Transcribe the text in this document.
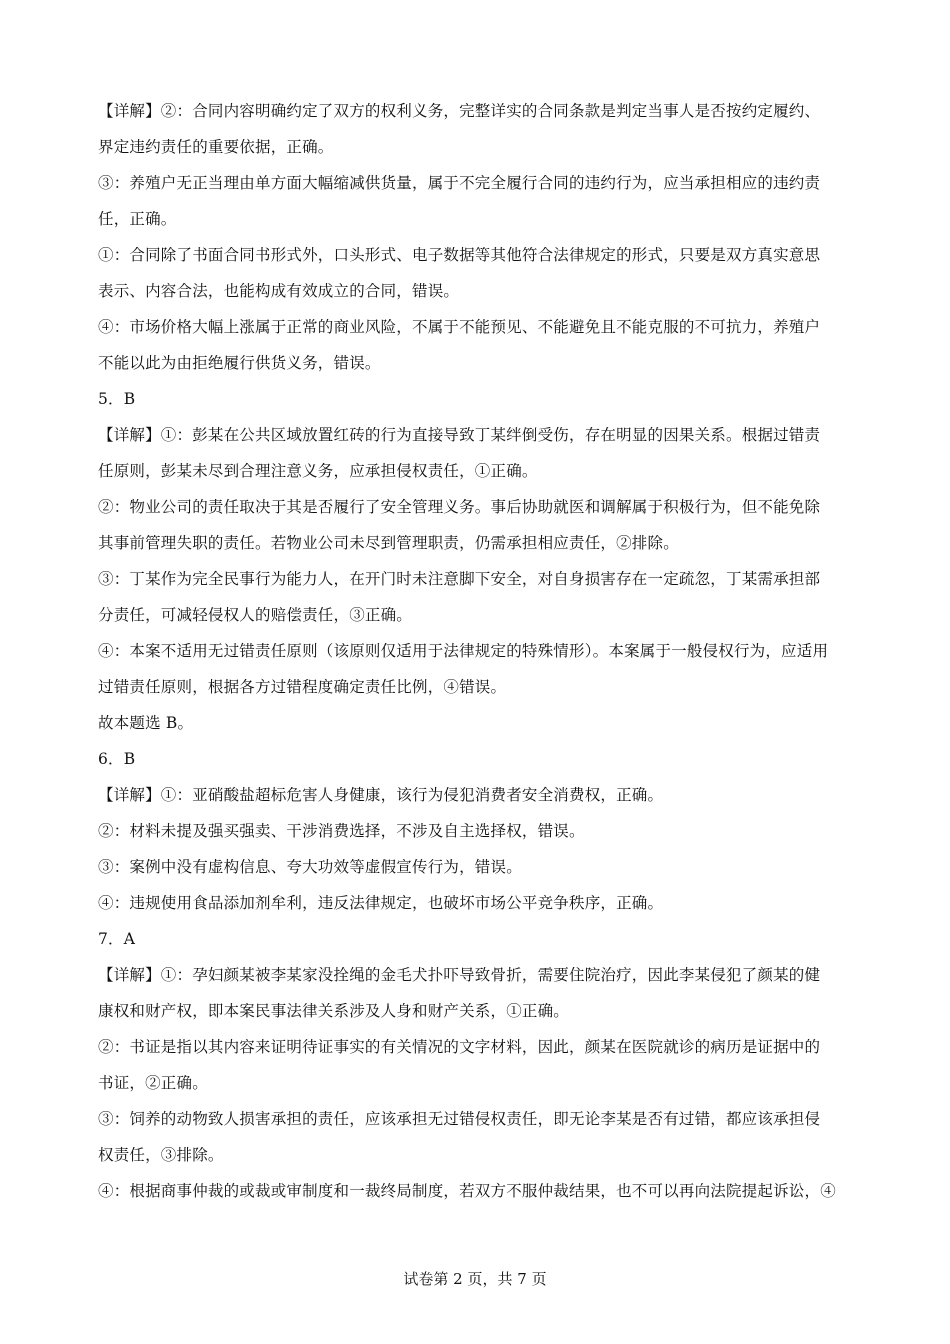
【详解】②：合同内容明确约定了双方的权利义务，完整详实的合同条款是判定当事人是否按约定履约、
界定违约责任的重要依据，正确。
③：养殖户无正当理由单方面大幅缩减供货量，属于不完全履行合同的违约行为，应当承担相应的违约责
任，正确。
①：合同除了书面合同书形式外，口头形式、电子数据等其他符合法律规定的形式，只要是双方真实意思
表示、内容合法，也能构成有效成立的合同，错误。
④：市场价格大幅上涨属于正常的商业风险，不属于不能预见、不能避免且不能克服的不可抗力，养殖户
不能以此为由拒绝履行供货义务，错误。
5．B
【详解】①：彭某在公共区域放置红砖的行为直接导致丁某绊倒受伤，存在明显的因果关系。根据过错责
任原则，彭某未尽到合理注意义务，应承担侵权责任，①正确。
②：物业公司的责任取决于其是否履行了安全管理义务。事后协助就医和调解属于积极行为，但不能免除
其事前管理失职的责任。若物业公司未尽到管理职责，仍需承担相应责任，②排除。
③：丁某作为完全民事行为能力人，在开门时未注意脚下安全，对自身损害存在一定疏忽，丁某需承担部
分责任，可减轻侵权人的赔偿责任，③正确。
④：本案不适用无过错责任原则（该原则仅适用于法律规定的特殊情形）。本案属于一般侵权行为，应适用
过错责任原则，根据各方过错程度确定责任比例，④错误。
故本题选 B。
6．B
【详解】①：亚硝酸盐超标危害人身健康，该行为侵犯消费者安全消费权，正确。
②：材料未提及强买强卖、干涉消费选择，不涉及自主选择权，错误。
③：案例中没有虚构信息、夸大功效等虚假宣传行为，错误。
④：违规使用食品添加剂牟利，违反法律规定，也破坏市场公平竞争秩序，正确。
7．A
【详解】①：孕妇颜某被李某家没拴绳的金毛犬扑吓导致骨折，需要住院治疗，因此李某侵犯了颜某的健
康权和财产权，即本案民事法律关系涉及人身和财产关系，①正确。
②：书证是指以其内容来证明待证事实的有关情况的文字材料，因此，颜某在医院就诊的病历是证据中的
书证，②正确。
③：饲养的动物致人损害承担的责任，应该承担无过错侵权责任，即无论李某是否有过错，都应该承担侵
权责任，③排除。
④：根据商事仲裁的或裁或审制度和一裁终局制度，若双方不服仲裁结果，也不可以再向法院提起诉讼，④
试卷第 2 页，共 7 页
